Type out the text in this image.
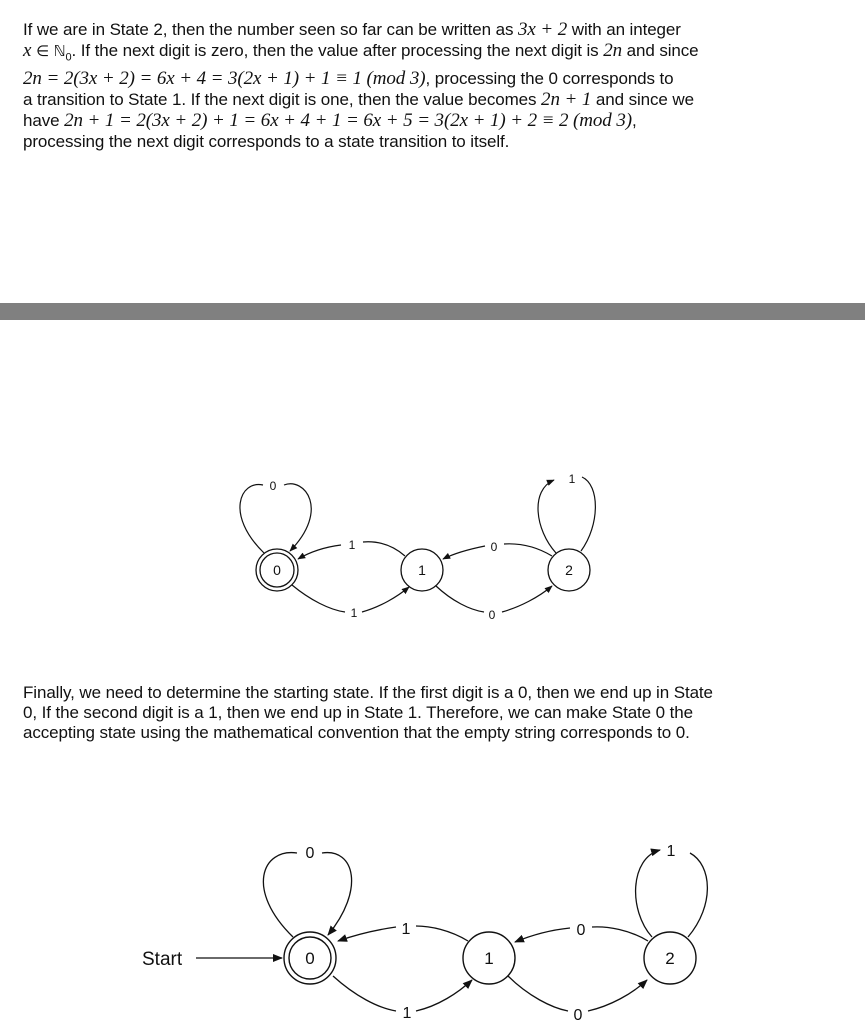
If we are in State 2, then the number seen so far can be written as 3x + 2 with an integer
x ∈ ℕ$_0$. If the next digit is zero, then the value after processing the next digit is 2n and since
2n = 2(3x + 2) = 6x + 4 = 3(2x + 1) + 1 ≡ 1 (mod 3), processing the 0 corresponds to
a transition to State 1. If the next digit is one, then the value becomes 2n + 1 and since we
have 2n + 1 = 2(3x + 2) + 1 = 6x + 4 + 1 = 6x + 5 = 3(2x + 1) + 2 ≡ 2 (mod 3),
processing the next digit corresponds to a state transition to itself.
0	1	2
0	1
1
1
0
0
Finally, we need to determine the starting state. If the first digit is a 0, then we end up in State
0, If the second digit is a 1, then we end up in State 1. Therefore, we can make State 0 the
accepting state using the mathematical convention that the empty string corresponds to 0.
Start	0	1	2
0	1
1
1
0
0
